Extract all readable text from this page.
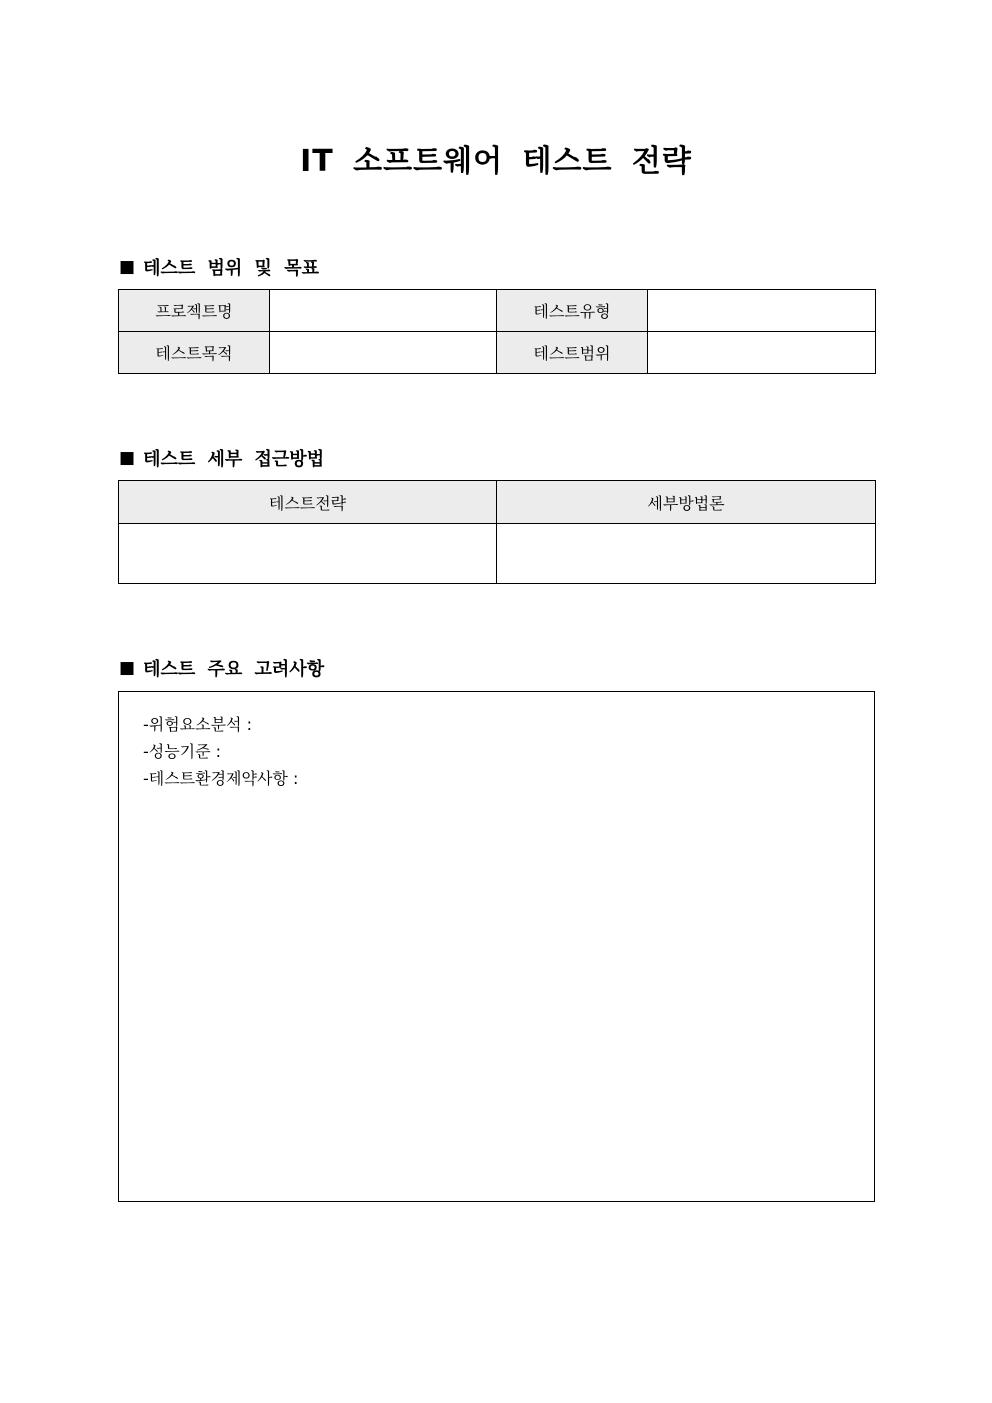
IT 소프트웨어 테스트 전략
■ 테스트 범위 및 목표
프로젝트명		테스트유형	
테스트목적		테스트범위	
■ 테스트 세부 접근방법
테스트전략	세부방법론

■ 테스트 주요 고려사항
-위험요소분석 :
-성능기준 :
-테스트환경제약사항 :
